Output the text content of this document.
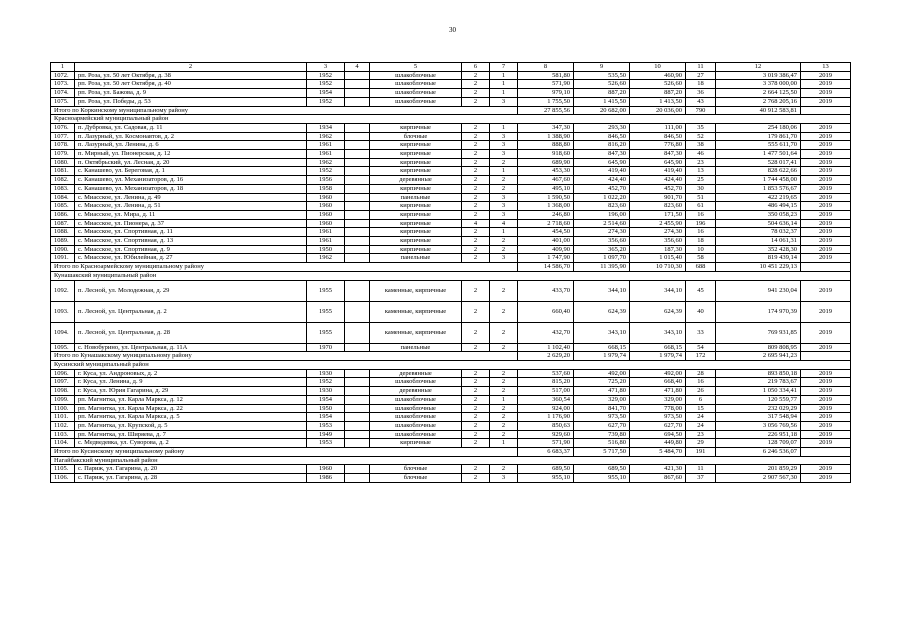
30
1	2	3	4	5	6	7	8	9	10	11	12	13
1072.	рп. Роза, ул. 50 лет Октября, д. 38	1952		шлакоблочные	2	1	581,80	535,50	460,90	27	3 019 386,47	2019
1073.	рп. Роза, ул. 50 лет Октября, д. 40	1952		шлакоблочные	2	1	571,90	526,60	526,60	18	3 378 000,00	2019
1074.	рп. Роза, ул. Бажова, д. 9	1954		шлакоблочные	2	1	979,10	887,20	887,20	36	2 664 125,50	2019
1075.	рп. Роза, ул. Победы, д. 53	1952		шлакоблочные	2	3	1 755,50	1 415,50	1 413,50	43	2 768 205,16	2019
Итого по Коркинскому муниципальному району							27 855,56	20 682,00	20 036,00	790	40 912 583,81	
Красноармейский муниципальный район												
1076.	п. Дубровка, ул. Садовая, д. 11	1934		кирпичные	2	1	347,30	293,30	111,00	35	254 180,06	2019
1077.	п. Лазурный, ул. Космонавтов, д. 2	1962		блочные	2	3	1 388,90	846,50	846,50	52	179 861,70	2019
1078.	п. Лазурный, ул. Ленина, д. 6	1961		кирпичные	2	3	888,80	816,20	776,80	38	555 611,70	2019
1079.	п. Мирный, ул. Пионерская, д. 12	1961		кирпичные	2	3	918,60	847,30	847,30	46	1 477 501,64	2019
1080.	п. Октябрьский, ул. Лесная, д. 20	1962		кирпичные	2	2	689,90	645,90	645,90	23	528 017,41	2019
1081.	с. Канашево, ул. Береговая, д. 1	1952		кирпичные	2	1	453,30	419,40	419,40	13	828 622,66	2019
1082.	с. Канашево, ул. Механизаторов, д. 16	1956		деревянные	2	2	467,60	424,40	424,40	25	1 744 458,00	2019
1083.	с. Канашево, ул. Механизаторов, д. 18	1958		кирпичные	2	2	495,10	452,70	452,70	30	1 853 576,67	2019
1084.	с. Миасское, ул. Ленина, д. 49	1960		панельные	2	3	1 590,50	1 022,20	901,70	51	422 219,65	2019
1085.	с. Миасское, ул. Ленина, д. 51	1960		кирпичные	2	3	1 368,00	823,60	823,60	61	486 494,15	2019
1086.	с. Миасское, ул. Мира, д. 11	1960		кирпичные	2	3	246,80	196,00	171,50	16	350 058,23	2019
1087.	с. Миасское, ул. Пионера, д. 37	1960		кирпичные	4	4	2 718,60	2 514,60	2 455,90	196	504 636,14	2019
1088.	с. Миасское, ул. Спортивная, д. 11	1961		кирпичные	2	1	454,50	274,30	274,30	16	78 032,37	2019
1089.	с. Миасское, ул. Спортивная, д. 13	1961		кирпичные	2	2	401,00	356,60	356,60	18	14 061,31	2019
1090.	с. Миасское, ул. Спортивная, д. 9	1950		кирпичные	2	2	409,90	365,20	187,30	10	352 428,30	2019
1091.	с. Миасское, ул. Юбилейная, д. 27	1962		панельные	2	3	1 747,90	1 097,70	1 015,40	58	819 439,14	2019
Итого по Красноармейскому муниципальному району							14 586,70	11 395,90	10 710,30	688	10 451 229,13	
Кунашакский муниципальный район												
1092.	п. Лесной, ул. Молодежная, д. 29	1955		каменные, кирпичные	2	2	433,70	344,10	344,10	45	941 230,04	2019
1093.	п. Лесной, ул. Центральная, д. 2	1955		каменные, кирпичные	2	2	660,40	624,39	624,39	40	174 970,39	2019
1094.	п. Лесной, ул. Центральная, д. 28	1955		каменные, кирпичные	2	2	432,70	343,10	343,10	33	769 931,85	2019
1095.	с. Новобурино, ул. Центральная, д. 11А	1970		панельные	2	2	1 102,40	668,15	668,15	54	809 808,95	2019
Итого по Кунашакскому муниципальному району							2 629,20	1 979,74	1 979,74	172	2 695 941,23	
Кусинский муниципальный район												
1096.	г. Куса, ул. Андроновых, д. 2	1930		деревянные	2	2	537,60	492,00	492,00	28	893 850,18	2019
1097.	г. Куса, ул. Ленина, д. 9	1952		шлакоблочные	2	2	815,20	725,20	668,40	16	219 783,67	2019
1098.	г. Куса, ул. Юрия Гагарина, д. 29	1930		деревянные	2	2	517,00	471,80	471,80	26	1 050 334,41	2019
1099.	рп. Магнитка, ул. Карла Маркса, д. 12	1954		шлакоблочные	2	1	360,54	329,00	329,00	6	120 559,77	2019
1100.	рп. Магнитка, ул. Карла Маркса, д. 22	1950		шлакоблочные	2	2	924,00	841,70	778,00	15	232 029,29	2019
1101.	рп. Магнитка, ул. Карла Маркса, д. 5	1954		шлакоблочные	2	2	1 176,90	973,50	973,50	24	317 548,94	2019
1102.	рп. Магнитка, ул. Крупской, д. 5	1953		шлакоблочные	2	2	850,63	627,70	627,70	24	3 056 769,56	2019
1103.	рп. Магнитка, ул. Ширяева, д. 7	1949		шлакоблочные	2	2	929,60	739,80	694,50	23	226 951,18	2019
1104.	с. Медведевка, ул. Суворова, д. 2	1953		кирпичные	2	1	571,90	516,80	449,80	29	128 709,07	2019
Итого по Кусинскому муниципальному району							6 683,37	5 717,50	5 484,70	191	6 246 536,07	
Нагайбакский муниципальный район												
1105.	с. Париж, ул. Гагарина, д. 20	1960		блочные	2	2	689,50	689,50	421,30	11	201 859,29	2019
1106.	с. Париж, ул. Гагарина, д. 28	1986		блочные	2	3	955,10	955,10	867,60	37	2 907 567,30	2019
